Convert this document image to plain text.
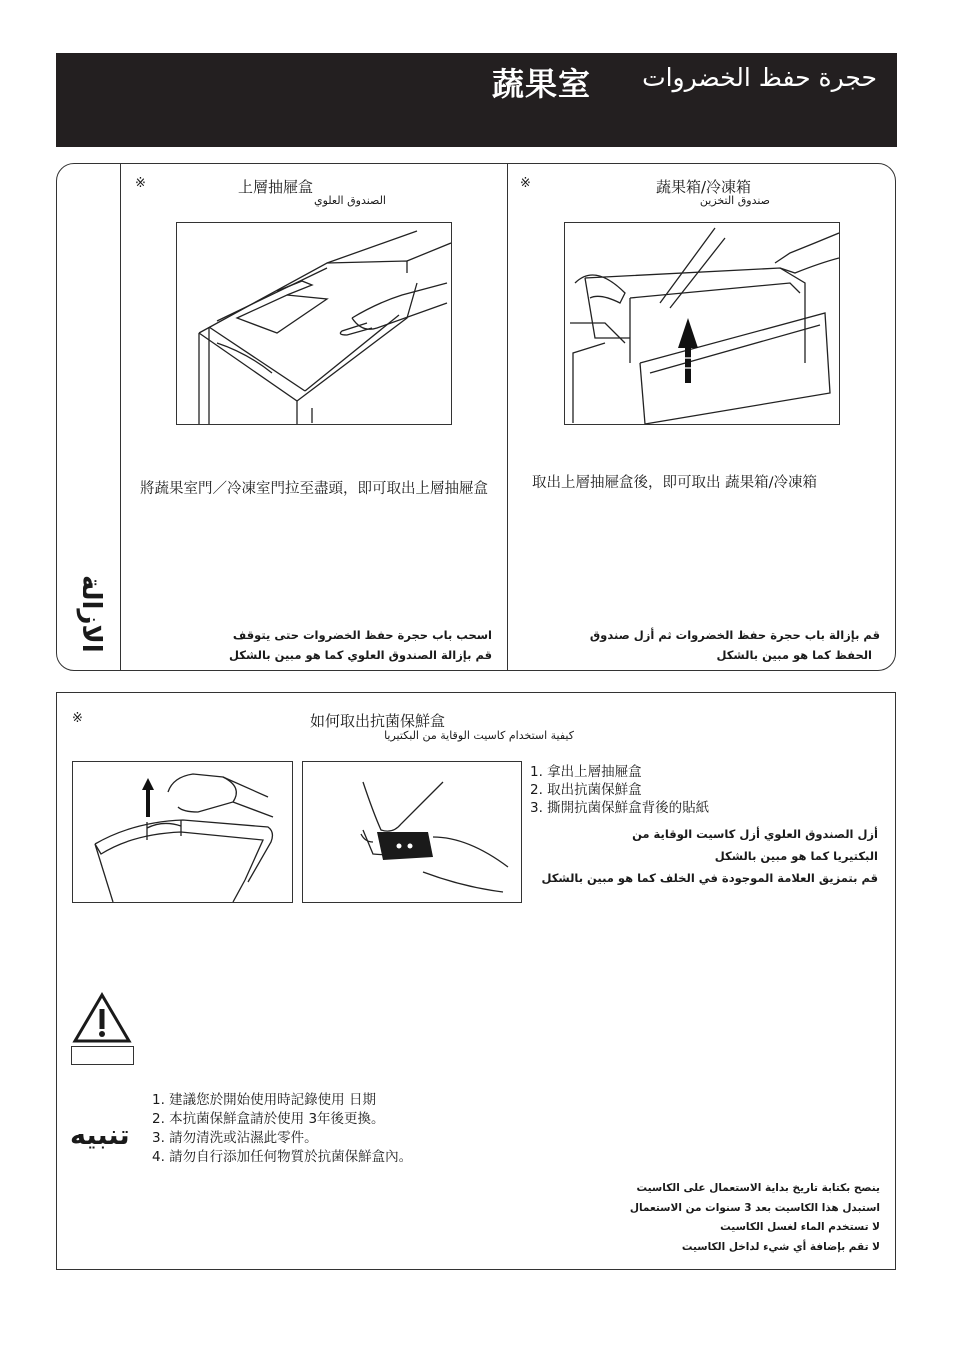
蔬果室 حجرة حفظ الخضروات
الازالة
※	上層抽屜盒
الصندوق العلوي
將蔬果室門／冷凍室門拉至盡頭，即可取出上層抽屜盒
اسحب باب حجرة حفظ الخضروات حتى يتوقف
قم بإزالة الصندوق العلوي كما هو مبين بالشكل
※	蔬果箱/冷凍箱
صندوق التخزين
取出上層抽屜盒後，即可取出 蔬果箱/冷凍箱
قم بإزالة باب حجرة حفظ الخضروات ثم أزل صندوق
الحفظ كما هو مبين بالشكل
※	如何取出抗菌保鮮盒
كيفية استخدام كاسيت الوقاية من البكتيريا
1. 拿出上層抽屜盒
2. 取出抗菌保鮮盒
3. 撕開抗菌保鮮盒背後的貼紙
أزل الصندوق العلوي أزل كاسيت الوقاية من
البكتيريا كما هو مبين بالشكل
قم بتمزيق العلامة الموجودة في الخلف كما هو مبين بالشكل
تنبيه
1. 建議您於開始使用時記錄使用 日期
2. 本抗菌保鮮盒請於使用 3年後更換。
3. 請勿清洗或沾濕此零件。
4. 請勿自行添加任何物質於抗菌保鮮盒內。
ينصح بكتابة تاريخ بداية الاستعمال على الكاسيت
استبدل هذا الكاسيت بعد 3 سنوات من الاستعمال
لا تستخدم الماء لغسل الكاسيت
لا تقم بإضافة أي شيء لداخل الكاسيت
